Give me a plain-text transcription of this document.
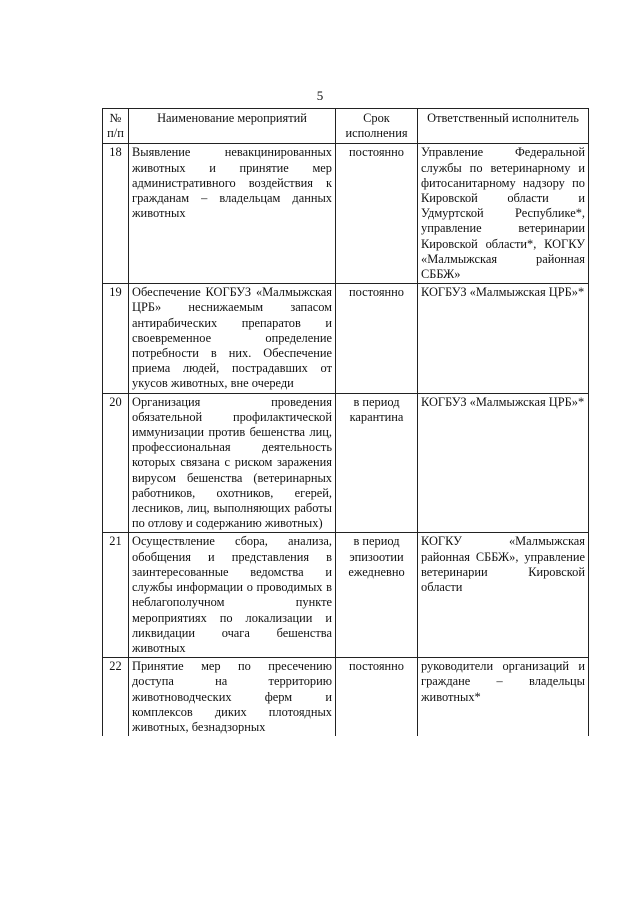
5
№ п/п	Наименование мероприятий	Срок исполнения	Ответственный исполнитель
18	Выявление невакцинированных животных и принятие мер административного воздействия к гражданам – владельцам данных животных	постоянно	Управление Федеральной службы по ветеринарному и фитосанитарному надзору по Кировской области и Удмуртской Республике*, управление ветеринарии Кировской области*, КОГКУ «Малмыжская районная СББЖ»
19	Обеспечение КОГБУЗ «Малмыжская ЦРБ» неснижаемым запасом антирабических препаратов и своевременное определение потребности в них. Обеспечение приема людей, пострадавших от укусов животных, вне очереди	постоянно	КОГБУЗ «Малмыжская ЦРБ»*
20	Организация проведения обязательной профилактической иммунизации против бешенства лиц, профессиональная деятельность которых связана с риском заражения вирусом бешенства (ветеринарных работников, охотников, егерей, лесников, лиц, выполняющих работы по отлову и содержанию животных)	в период карантина	КОГБУЗ «Малмыжская ЦРБ»*
21	Осуществление сбора, анализа, обобщения и представления в заинтересованные ведомства и службы информации о проводимых в неблагополучном пункте мероприятиях по локализации и ликвидации очага бешенства животных	в период эпизоотии ежедневно	КОГКУ «Малмыжская районная СББЖ», управление ветеринарии Кировской области
22	Принятие мер по пресечению доступа на территорию животноводческих ферм и комплексов диких плотоядных животных, безнадзорных	постоянно	руководители организаций и граждане – владельцы животных*
